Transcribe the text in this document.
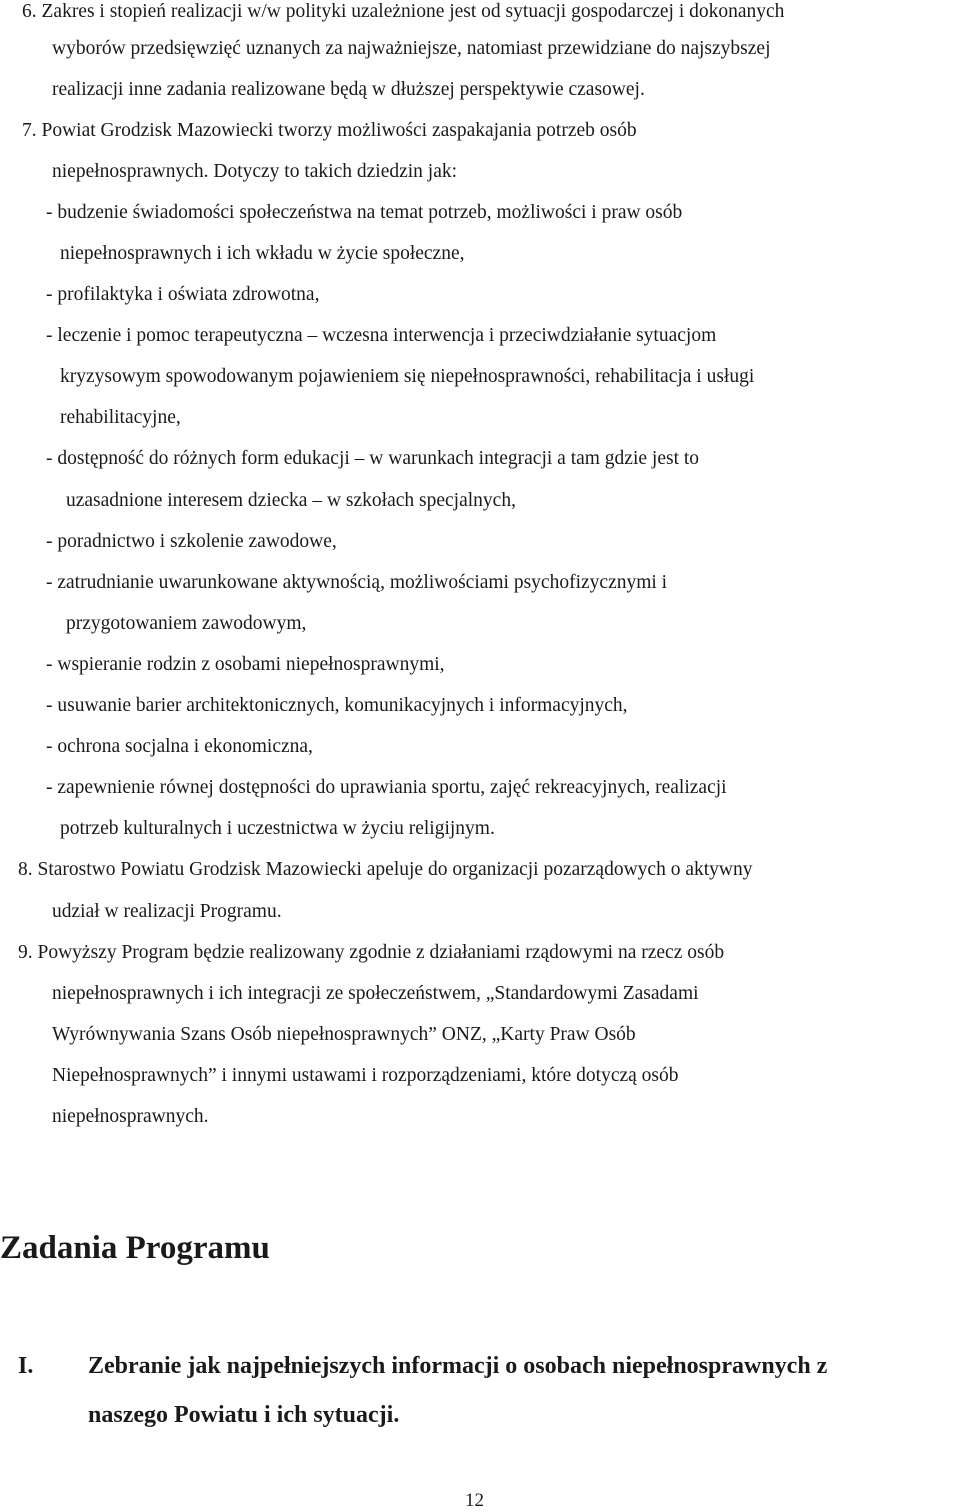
6. Zakres i stopień realizacji w/w polityki uzależnione jest od sytuacji gospodarczej i dokonanych

wyborów przedsięwzięć uznanych za najważniejsze, natomiast przewidziane do najszybszej

realizacji inne zadania realizowane będą w dłuższej perspektywie czasowej.

7. Powiat Grodzisk Mazowiecki tworzy możliwości zaspakajania potrzeb osób

niepełnosprawnych. Dotyczy to takich dziedzin jak:

- budzenie świadomości społeczeństwa na temat potrzeb, możliwości i praw osób

niepełnosprawnych i ich wkładu w życie społeczne,

- profilaktyka i oświata zdrowotna,

- leczenie i pomoc terapeutyczna – wczesna interwencja i przeciwdziałanie sytuacjom

kryzysowym spowodowanym pojawieniem się niepełnosprawności, rehabilitacja i usługi

rehabilitacyjne,

- dostępność do różnych form edukacji – w warunkach integracji a tam gdzie jest to

uzasadnione interesem dziecka – w szkołach specjalnych,

- poradnictwo i szkolenie zawodowe,

- zatrudnianie uwarunkowane aktywnością, możliwościami psychofizycznymi i

przygotowaniem zawodowym,

- wspieranie rodzin z osobami niepełnosprawnymi,

- usuwanie barier architektonicznych, komunikacyjnych i informacyjnych,

- ochrona socjalna i ekonomiczna,

- zapewnienie równej dostępności do uprawiania sportu, zajęć rekreacyjnych, realizacji

potrzeb kulturalnych i uczestnictwa w życiu religijnym.

8. Starostwo Powiatu Grodzisk Mazowiecki apeluje do organizacji pozarządowych o aktywny

udział w realizacji Programu.

9. Powyższy Program będzie realizowany zgodnie z działaniami rządowymi na rzecz osób

niepełnosprawnych i ich integracji ze społeczeństwem, „Standardowymi Zasadami

Wyrównywania Szans Osób niepełnosprawnych” ONZ, „Karty Praw Osób

Niepełnosprawnych” i innymi ustawami i rozporządzeniami, które dotyczą osób

niepełnosprawnych.

Zadania Programu

I. Zebranie jak najpełniejszych informacji o osobach niepełnosprawnych z

naszego Powiatu i ich sytuacji.

12
